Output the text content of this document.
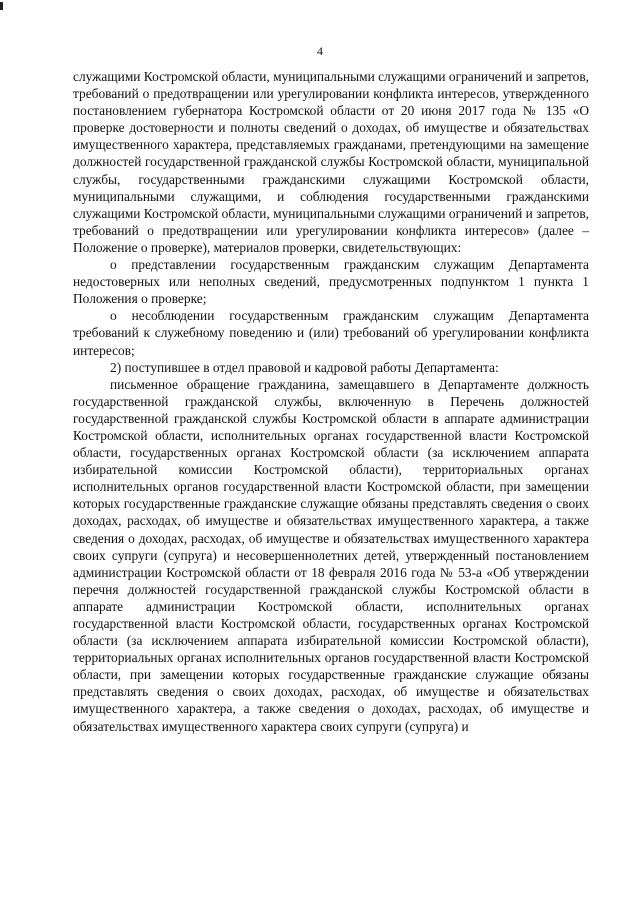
4

служащими Костромской области, муниципальными служащими ограничений и запретов, требований о предотвращении или урегулировании конфликта интересов, утвержденного постановлением губернатора Костромской области от 20 июня 2017 года № 135 «О проверке достоверности и полноты сведений о доходах, об имуществе и обязательствах имущественного характера, представляемых гражданами, претендующими на замещение должностей государственной гражданской службы Костромской области, муниципальной службы, государственными гражданскими служащими Костромской области, муниципальными служащими, и соблюдения государственными гражданскими служащими Костромской области, муниципальными служащими ограничений и запретов, требований о предотвращении или урегулировании конфликта интересов» (далее – Положение о проверке), материалов проверки, свидетельствующих:

о представлении государственным гражданским служащим Департамента недостоверных или неполных сведений, предусмотренных подпунктом 1 пункта 1 Положения о проверке;

о несоблюдении государственным гражданским служащим Департамента требований к служебному поведению и (или) требований об урегулировании конфликта интересов;

2) поступившее в отдел правовой и кадровой работы Департамента:

письменное обращение гражданина, замещавшего в Департаменте должность государственной гражданской службы, включенную в Перечень должностей государственной гражданской службы Костромской области в аппарате администрации Костромской области, исполнительных органах государственной власти Костромской области, государственных органах Костромской области (за исключением аппарата избирательной комиссии Костромской области), территориальных органах исполнительных органов государственной власти Костромской области, при замещении которых государственные гражданские служащие обязаны представлять сведения о своих доходах, расходах, об имуществе и обязательствах имущественного характера, а также сведения о доходах, расходах, об имуществе и обязательствах имущественного характера своих супруги (супруга) и несовершеннолетних детей, утвержденный постановлением администрации Костромской области от 18 февраля 2016 года № 53-а «Об утверждении перечня должностей государственной гражданской службы Костромской области в аппарате администрации Костромской области, исполнительных органах государственной власти Костромской области, государственных органах Костромской области (за исключением аппарата избирательной комиссии Костромской области), территориальных органах исполнительных органов государственной власти Костромской области, при замещении которых государственные гражданские служащие обязаны представлять сведения о своих доходах, расходах, об имуществе и обязательствах имущественного характера, а также сведения о доходах, расходах, об имуществе и обязательствах имущественного характера своих супруги (супруга) и
